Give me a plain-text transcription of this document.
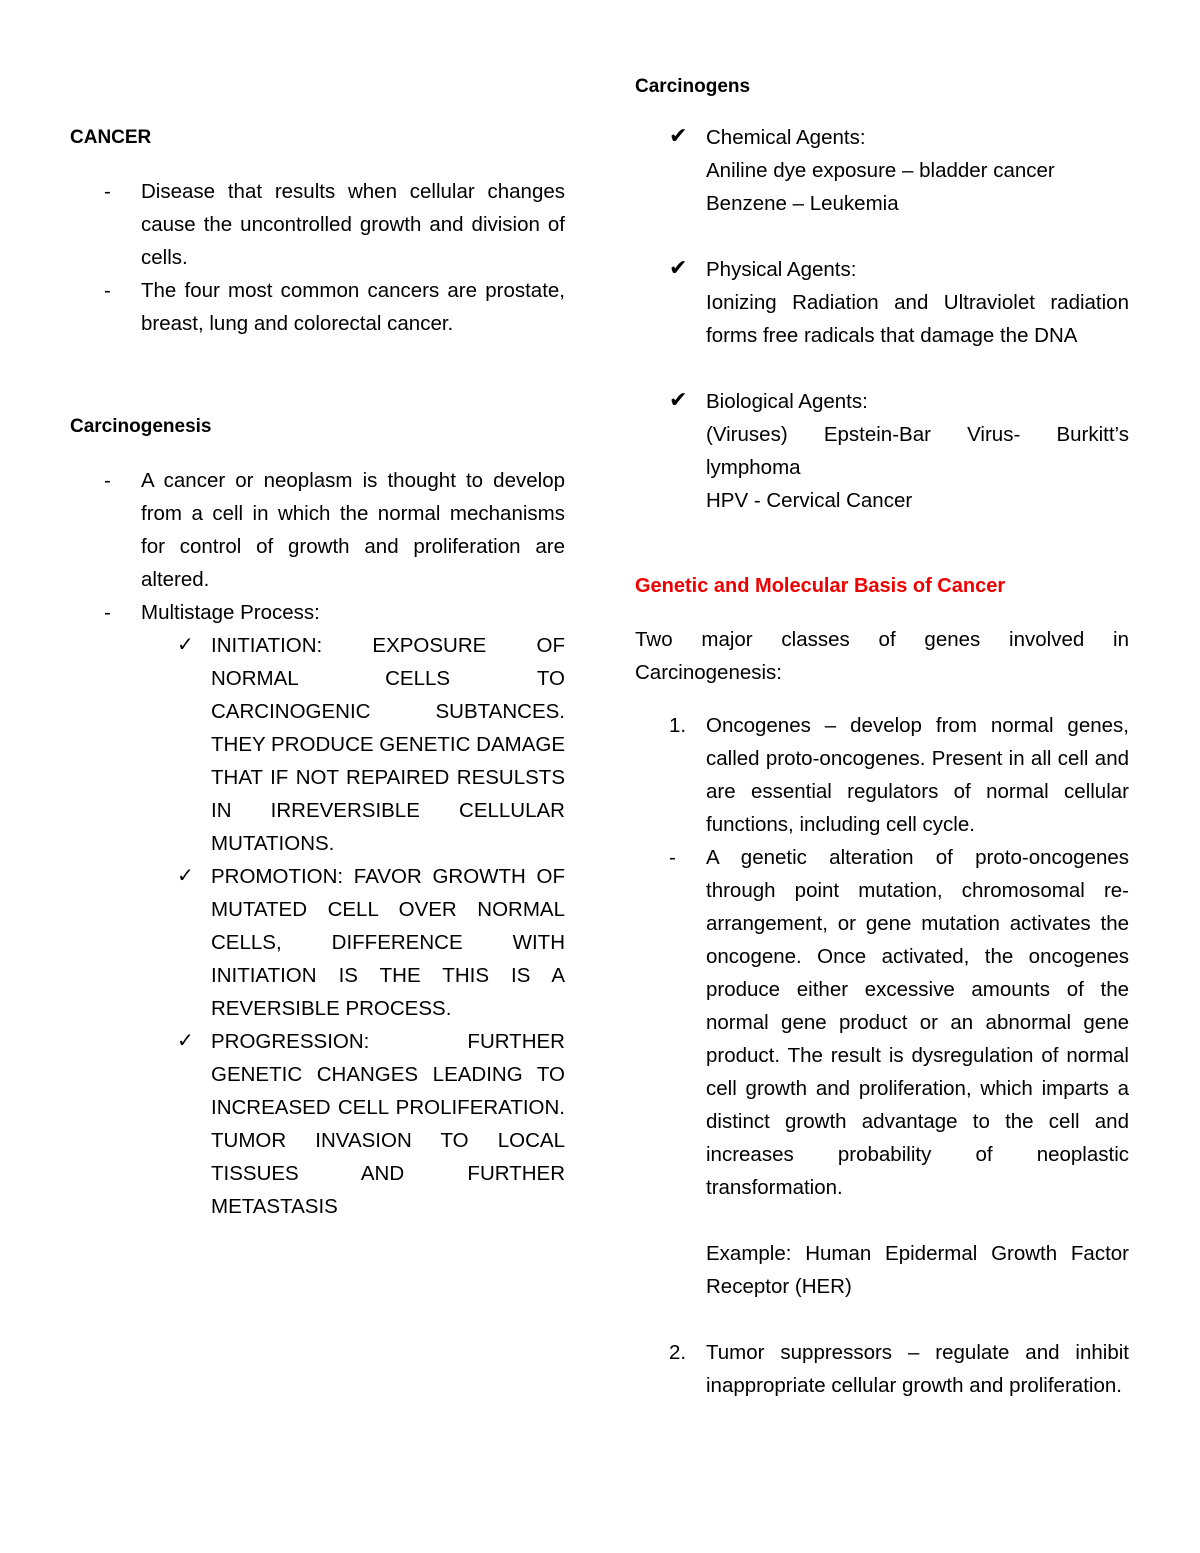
CANCER
- Disease that results when cellular changes cause the uncontrolled growth and division of cells.
- The four most common cancers are prostate, breast, lung and colorectal cancer.
Carcinogenesis
- A cancer or neoplasm is thought to develop from a cell in which the normal mechanisms for control of growth and proliferation are altered.
- Multistage Process:
✓ INITIATION: EXPOSURE OF NORMAL CELLS TO CARCINOGENIC SUBTANCES. THEY PRODUCE GENETIC DAMAGE THAT IF NOT REPAIRED RESULSTS IN IRREVERSIBLE CELLULAR MUTATIONS.
✓ PROMOTION: FAVOR GROWTH OF MUTATED CELL OVER NORMAL CELLS, DIFFERENCE WITH INITIATION IS THE THIS IS A REVERSIBLE PROCESS.
✓ PROGRESSION: FURTHER GENETIC CHANGES LEADING TO INCREASED CELL PROLIFERATION. TUMOR INVASION TO LOCAL TISSUES AND FURTHER METASTASIS
Carcinogens
✔ Chemical Agents:
Aniline dye exposure – bladder cancer
Benzene – Leukemia
✔ Physical Agents:
Ionizing Radiation and Ultraviolet radiation forms free radicals that damage the DNA
✔ Biological Agents:
(Viruses) Epstein-Bar Virus- Burkitt’s lymphoma
HPV - Cervical Cancer
Genetic and Molecular Basis of Cancer
Two major classes of genes involved in Carcinogenesis:
1. Oncogenes – develop from normal genes, called proto-oncogenes. Present in all cell and are essential regulators of normal cellular functions, including cell cycle.
- A genetic alteration of proto-oncogenes through point mutation, chromosomal re-arrangement, or gene mutation activates the oncogene. Once activated, the oncogenes produce either excessive amounts of the normal gene product or an abnormal gene product. The result is dysregulation of normal cell growth and proliferation, which imparts a distinct growth advantage to the cell and increases probability of neoplastic transformation.
Example: Human Epidermal Growth Factor Receptor (HER)
2. Tumor suppressors – regulate and inhibit inappropriate cellular growth and proliferation.
